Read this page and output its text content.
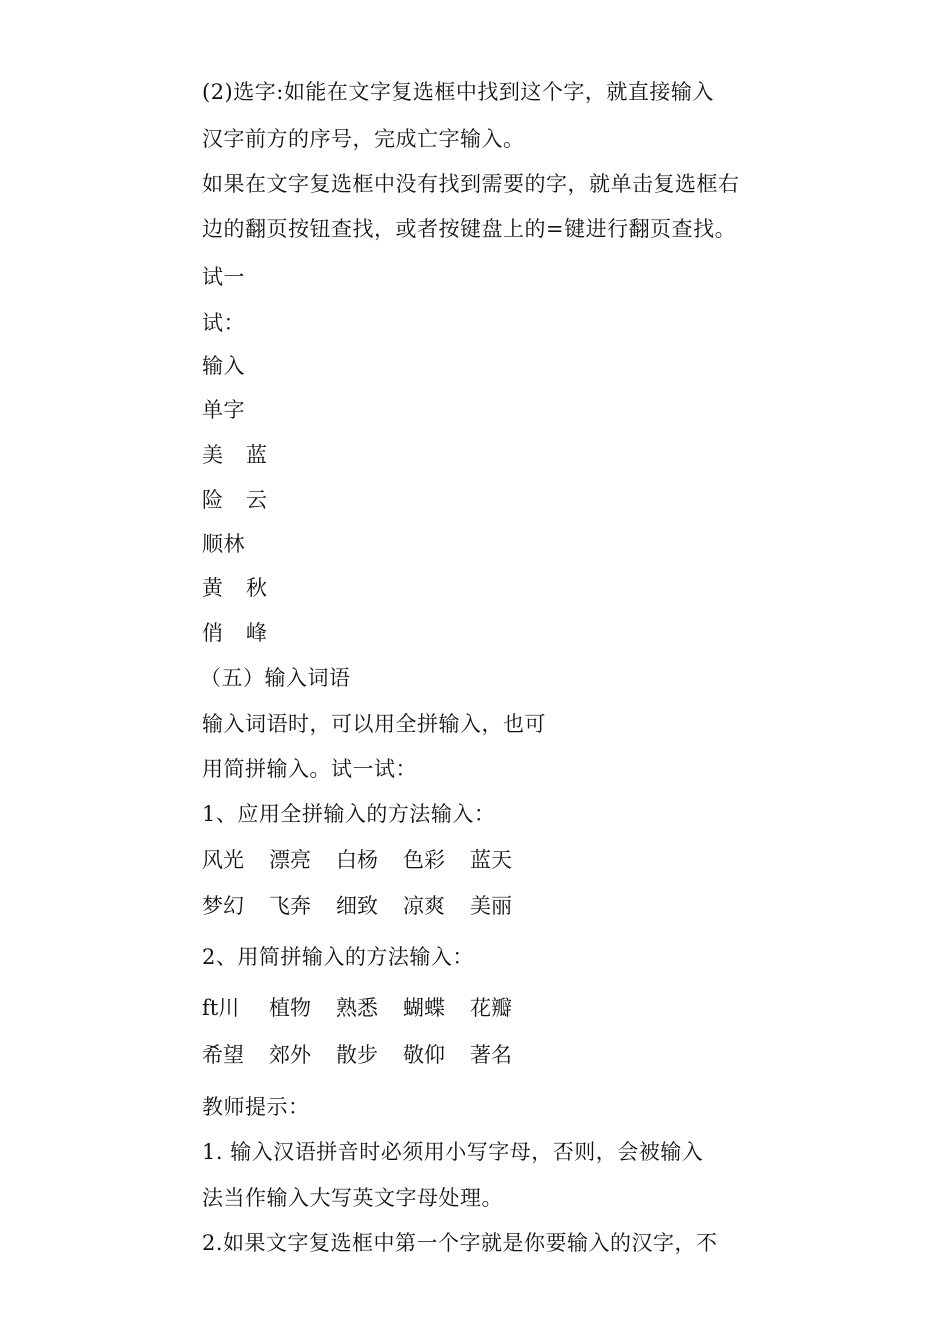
(2)选字:如能在文字复选框中找到这个字，就直接输入
汉字前方的序号，完成亡字输入。
如果在文字复选框中没有找到需要的字，就单击复选框右
边的翻页按钮查找，或者按键盘上的=键进行翻页查找。
试一
试：
输入
单字
美 蓝
险 云
顺林
黄 秋
俏 峰
（五）输入词语
输入词语时，可以用全拼输入，也可
用简拼输入。试一试：
1、应用全拼输入的方法输入：
风光 漂亮 白杨 色彩 蓝天
梦幻 飞奔 细致 凉爽 美丽
2、用简拼输入的方法输入：
ft川 植物 熟悉 蝴蝶 花瓣
希望 郊外 散步 敬仰 著名
教师提示：
1. 输入汉语拼音时必须用小写字母，否则，会被输入
法当作输入大写英文字母处理。
2.如果文字复选框中第一个字就是你要输入的汉字，不
